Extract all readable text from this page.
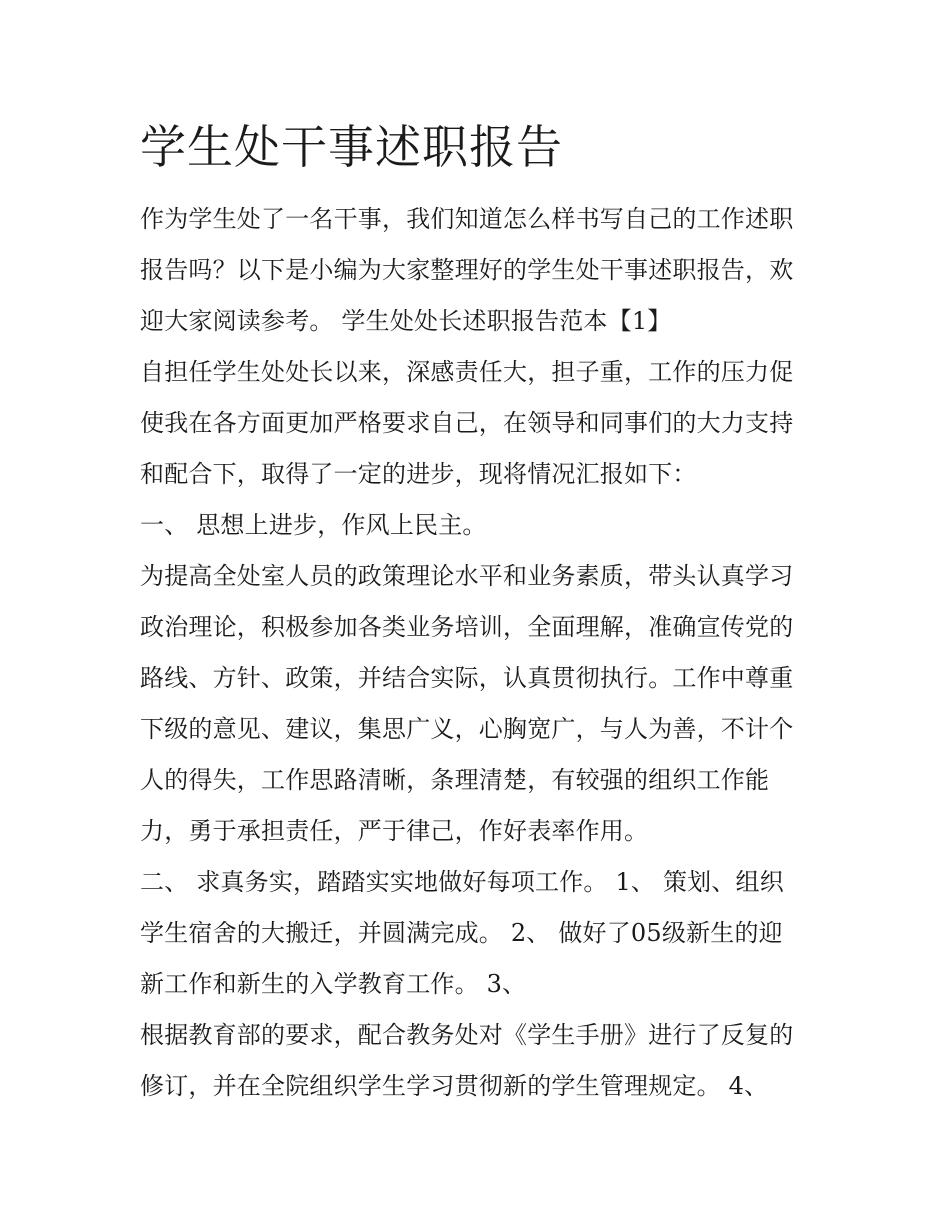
学生处干事述职报告
作为学生处了一名干事，我们知道怎么样书写自己的工作述职
报告吗？以下是小编为大家整理好的学生处干事述职报告，欢
迎大家阅读参考。 学生处处长述职报告范本【1】
自担任学生处处长以来，深感责任大，担子重，工作的压力促
使我在各方面更加严格要求自己，在领导和同事们的大力支持
和配合下，取得了一定的进步，现将情况汇报如下：
一、 思想上进步，作风上民主。
为提高全处室人员的政策理论水平和业务素质，带头认真学习
政治理论，积极参加各类业务培训，全面理解，准确宣传党的
路线、方针、政策，并结合实际，认真贯彻执行。工作中尊重
下级的意见、建议，集思广义，心胸宽广，与人为善，不计个
人的得失，工作思路清晰，条理清楚，有较强的组织工作能
力，勇于承担责任，严于律己，作好表率作用。
二、 求真务实，踏踏实实地做好每项工作。 1、 策划、组织
学生宿舍的大搬迁，并圆满完成。 2、 做好了05级新生的迎
新工作和新生的入学教育工作。 3、
根据教育部的要求，配合教务处对《学生手册》进行了反复的
修订，并在全院组织学生学习贯彻新的学生管理规定。 4、
